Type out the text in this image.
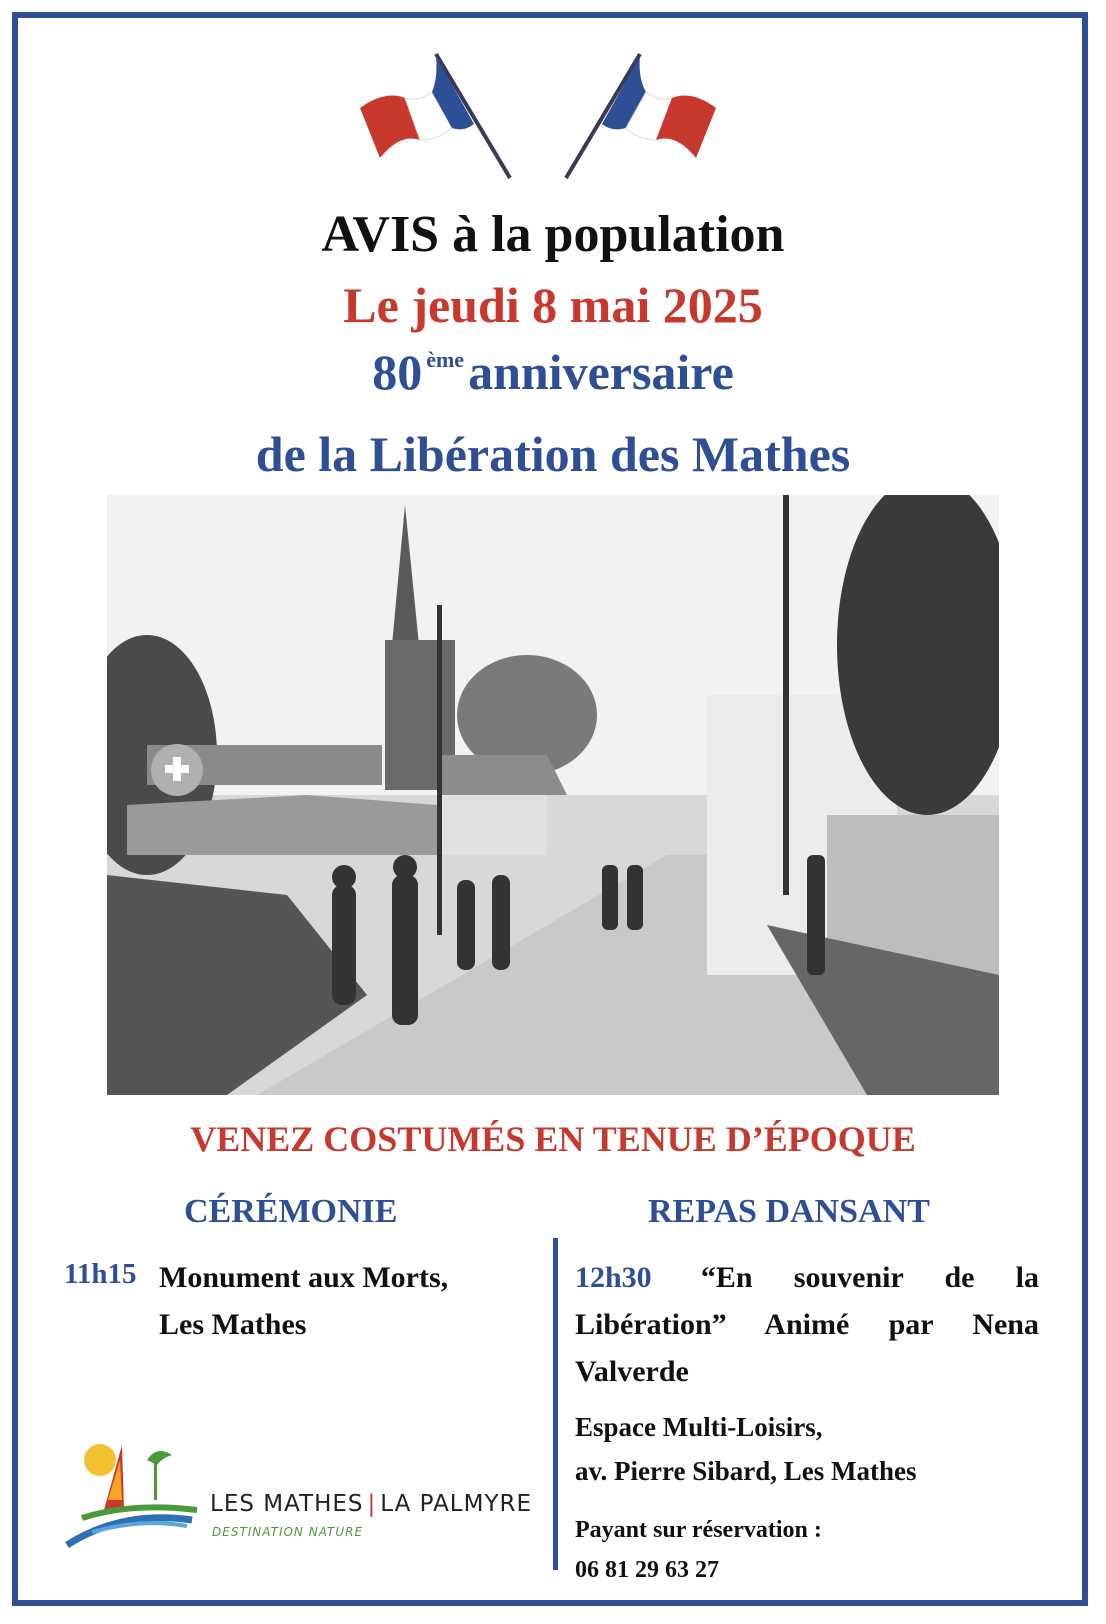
AVIS à la population
Le jeudi 8 mai 2025
80 $^{ème}$anniversaire
de la Libération des Mathes
VENEZ COSTUMÉS EN TENUE D’ÉPOQUE
CÉRÉMONIE	REPAS DANSANT
11h15 Monument aux Morts,
Les Mathes
12h30 “En souvenir de la Libération” Animé par Nena Valverde
Espace Multi-Loisirs,
av. Pierre Sibard, Les Mathes
Payant sur réservation :
06 81 29 63 27
LES MATHES | LA PALMYRE
DESTINATION NATURE
